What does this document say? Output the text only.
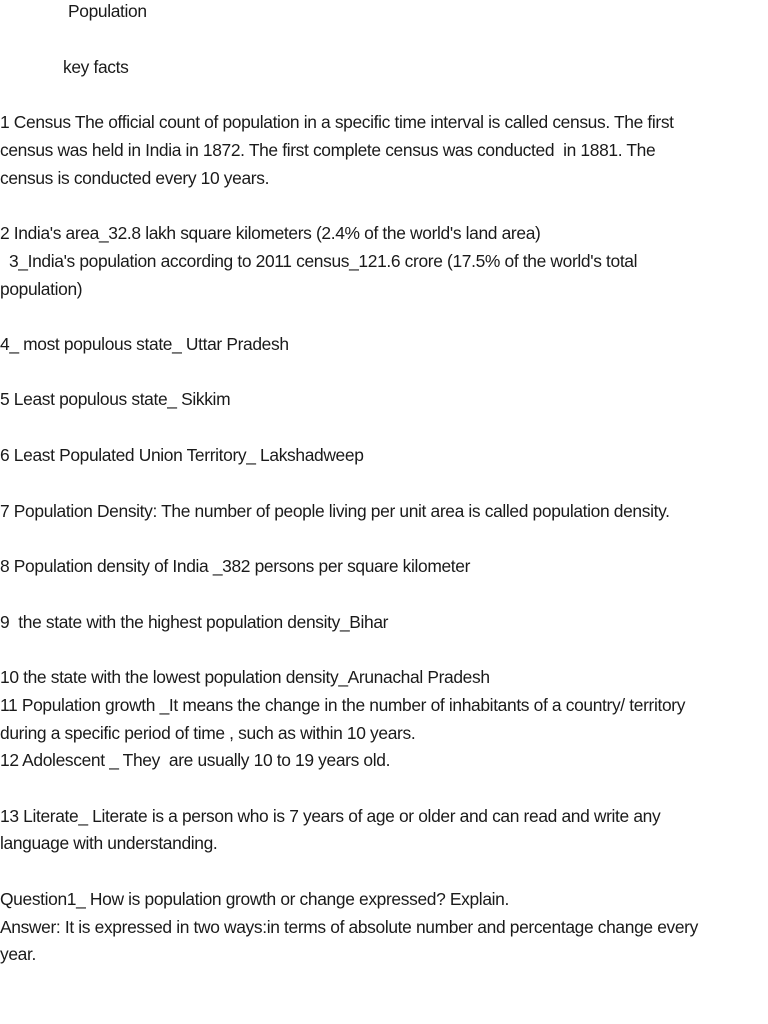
Population
key facts
1 Census The official count of population in a specific time interval is called census. The first
census was held in India in 1872. The first complete census was conducted  in 1881. The
census is conducted every 10 years.
2 India's area_32.8 lakh square kilometers (2.4% of the world's land area)
3_India's population according to 2011 census_121.6 crore (17.5% of the world's total
population)
4_ most populous state_ Uttar Pradesh
5 Least populous state_ Sikkim
6 Least Populated Union Territory_ Lakshadweep
7 Population Density: The number of people living per unit area is called population density.
8 Population density of India _382 persons per square kilometer
9  the state with the highest population density_Bihar
10 the state with the lowest population density_Arunachal Pradesh
11 Population growth _It means the change in the number of inhabitants of a country/ territory
during a specific period of time , such as within 10 years.
12 Adolescent _ They  are usually 10 to 19 years old.
13 Literate_ Literate is a person who is 7 years of age or older and can read and write any
language with understanding.
Question1_ How is population growth or change expressed? Explain.
Answer: It is expressed in two ways:in terms of absolute number and percentage change every
year.
